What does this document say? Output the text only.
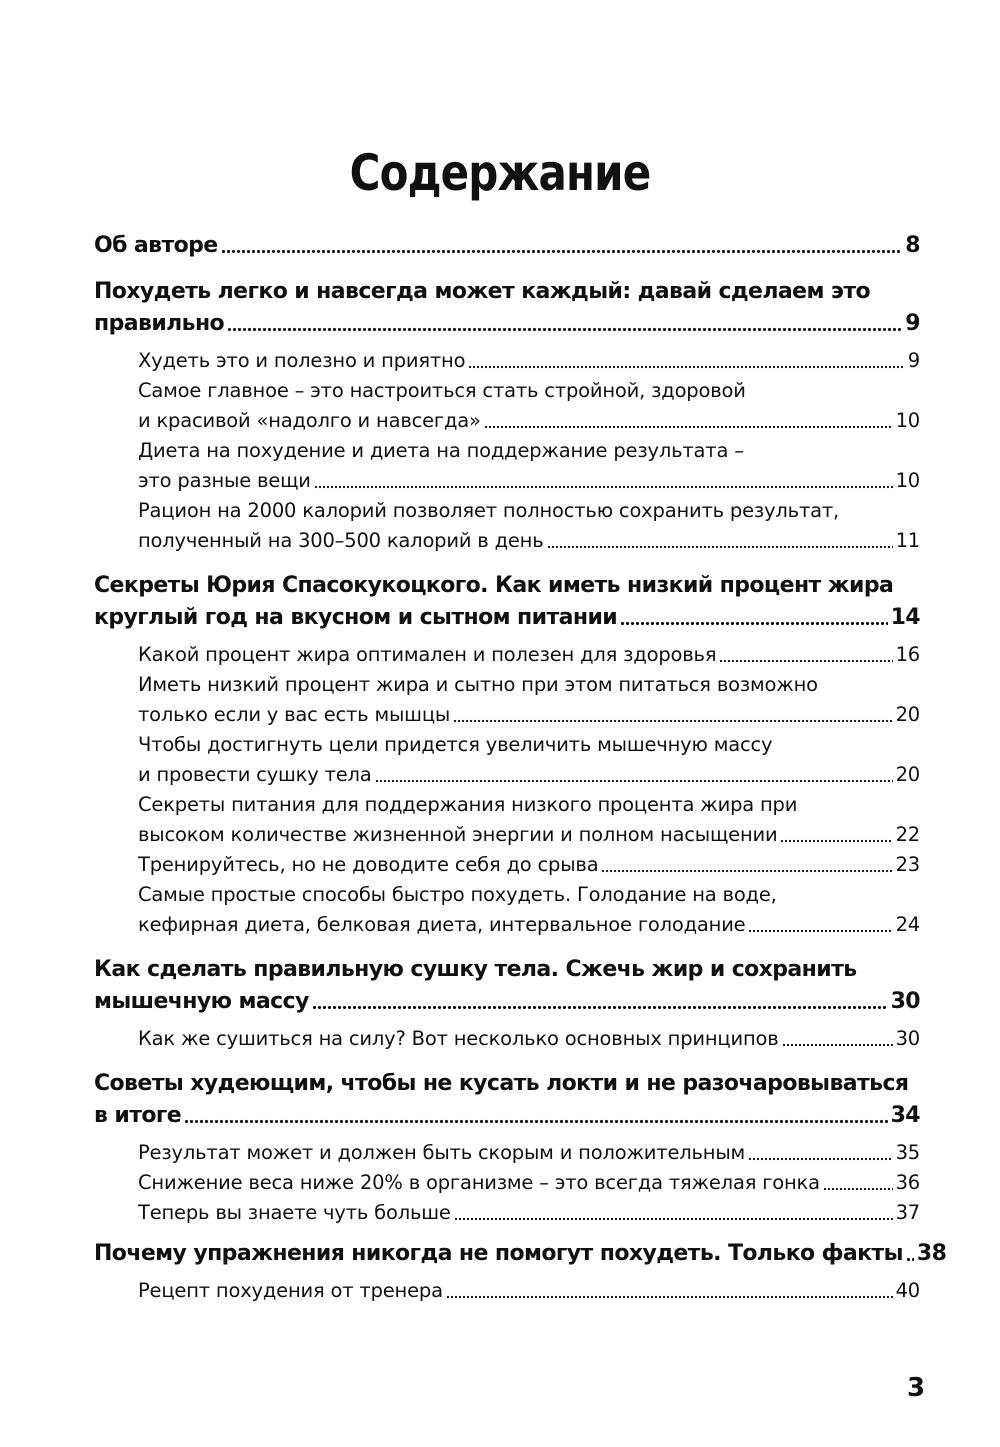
Содержание
Об авторе	8
Похудеть легко и навсегда может каждый: давай сделаем это
правильно	9
Худеть это и полезно и приятно	9
Самое главное – это настроиться стать стройной, здоровой
и красивой «надолго и навсегда»	10
Диета на похудение и диета на поддержание результата –
это разные вещи	10
Рацион на 2000 калорий позволяет полностью сохранить результат,
полученный на 300–500 калорий в день	11
Секреты Юрия Спасокукоцкого. Как иметь низкий процент жира
круглый год на вкусном и сытном питании	14
Какой процент жира оптимален и полезен для здоровья	16
Иметь низкий процент жира и сытно при этом питаться возможно
только если у вас есть мышцы	20
Чтобы достигнуть цели придется увеличить мышечную массу
и провести сушку тела	20
Секреты питания для поддержания низкого процента жира при
высоком количестве жизненной энергии и полном насыщении	22
Тренируйтесь, но не доводите себя до срыва	23
Самые простые способы быстро похудеть. Голодание на воде,
кефирная диета, белковая диета, интервальное голодание	24
Как сделать правильную сушку тела. Сжечь жир и сохранить
мышечную массу	30
Как же сушиться на силу? Вот несколько основных принципов	30
Советы худеющим, чтобы не кусать локти и не разочаровываться
в итоге	34
Результат может и должен быть скорым и положительным	35
Снижение веса ниже 20% в организме – это всегда тяжелая гонка	36
Теперь вы знаете чуть больше	37
Почему упражнения никогда не помогут похудеть. Только факты 38
Рецепт похудения от тренера	40
3
